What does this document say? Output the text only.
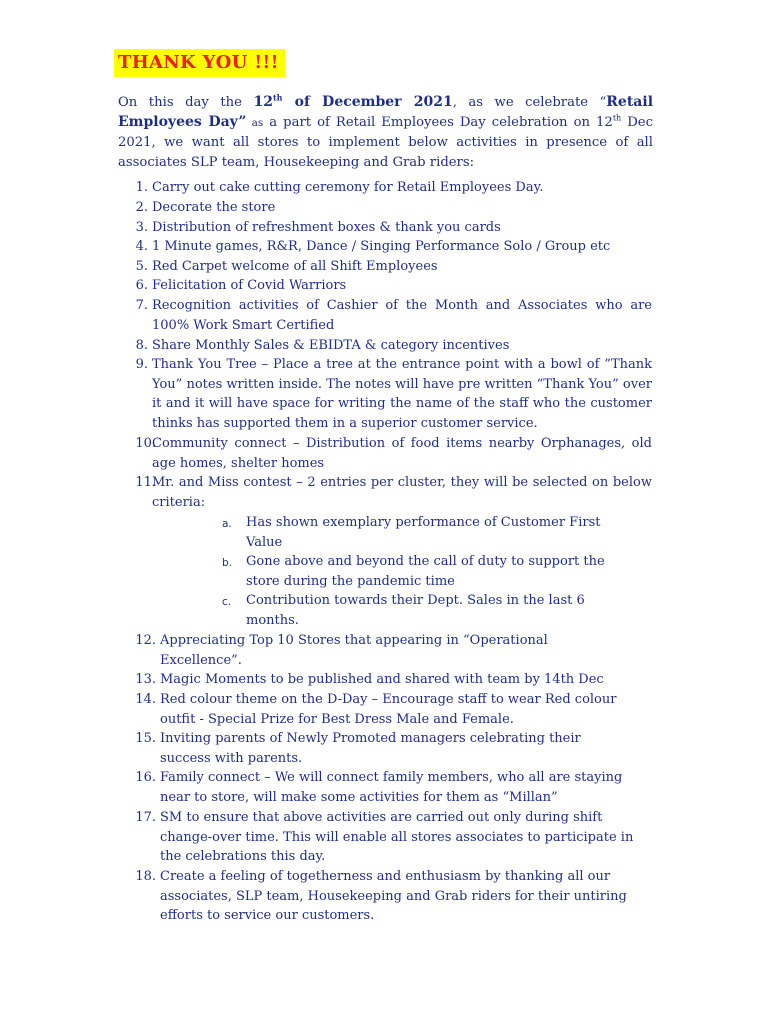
THANK YOU !!!
On this day the 12th of December 2021, as we celebrate “Retail Employees Day” as a part of Retail Employees Day celebration on 12th Dec 2021, we want all stores to implement below activities in presence of all associates SLP team, Housekeeping and Grab riders:
1. Carry out cake cutting ceremony for Retail Employees Day.
2. Decorate the store
3. Distribution of refreshment boxes & thank you cards
4. 1 Minute games, R&R, Dance / Singing Performance Solo / Group etc
5. Red Carpet welcome of all Shift Employees
6. Felicitation of Covid Warriors
7. Recognition activities of Cashier of the Month and Associates who are 100% Work Smart Certified
8. Share Monthly Sales & EBIDTA & category incentives
9. Thank You Tree – Place a tree at the entrance point with a bowl of ”Thank You” notes written inside. The notes will have pre written “Thank You” over it and it will have space for writing the name of the staff who the customer thinks has supported them in a superior customer service.
10.
Community connect – Distribution of food items nearby Orphanages, old age homes, shelter homes
11.
Mr. and Miss contest – 2 entries per cluster, they will be selected on below criteria:
a. Has shown exemplary performance of Customer First Value
b. Gone above and beyond the call of duty to support the store during the pandemic time
c. Contribution towards their Dept. Sales in the last 6 months.
12. Appreciating Top 10 Stores that appearing in “Operational Excellence”.
13. Magic Moments to be published and shared with team by 14th Dec
14. Red colour theme on the D-Day – Encourage staff to wear Red colour outfit - Special Prize for Best Dress Male and Female.
15. Inviting parents of Newly Promoted managers celebrating their success with parents.
16. Family connect – We will connect family members, who all are staying near to store, will make some activities for them as “Millan”
17. SM to ensure that above activities are carried out only during shift change-over time. This will enable all stores associates to participate in the celebrations this day.
18. Create a feeling of togetherness and enthusiasm by thanking all our associates, SLP team, Housekeeping and Grab riders for their untiring efforts to service our customers.
